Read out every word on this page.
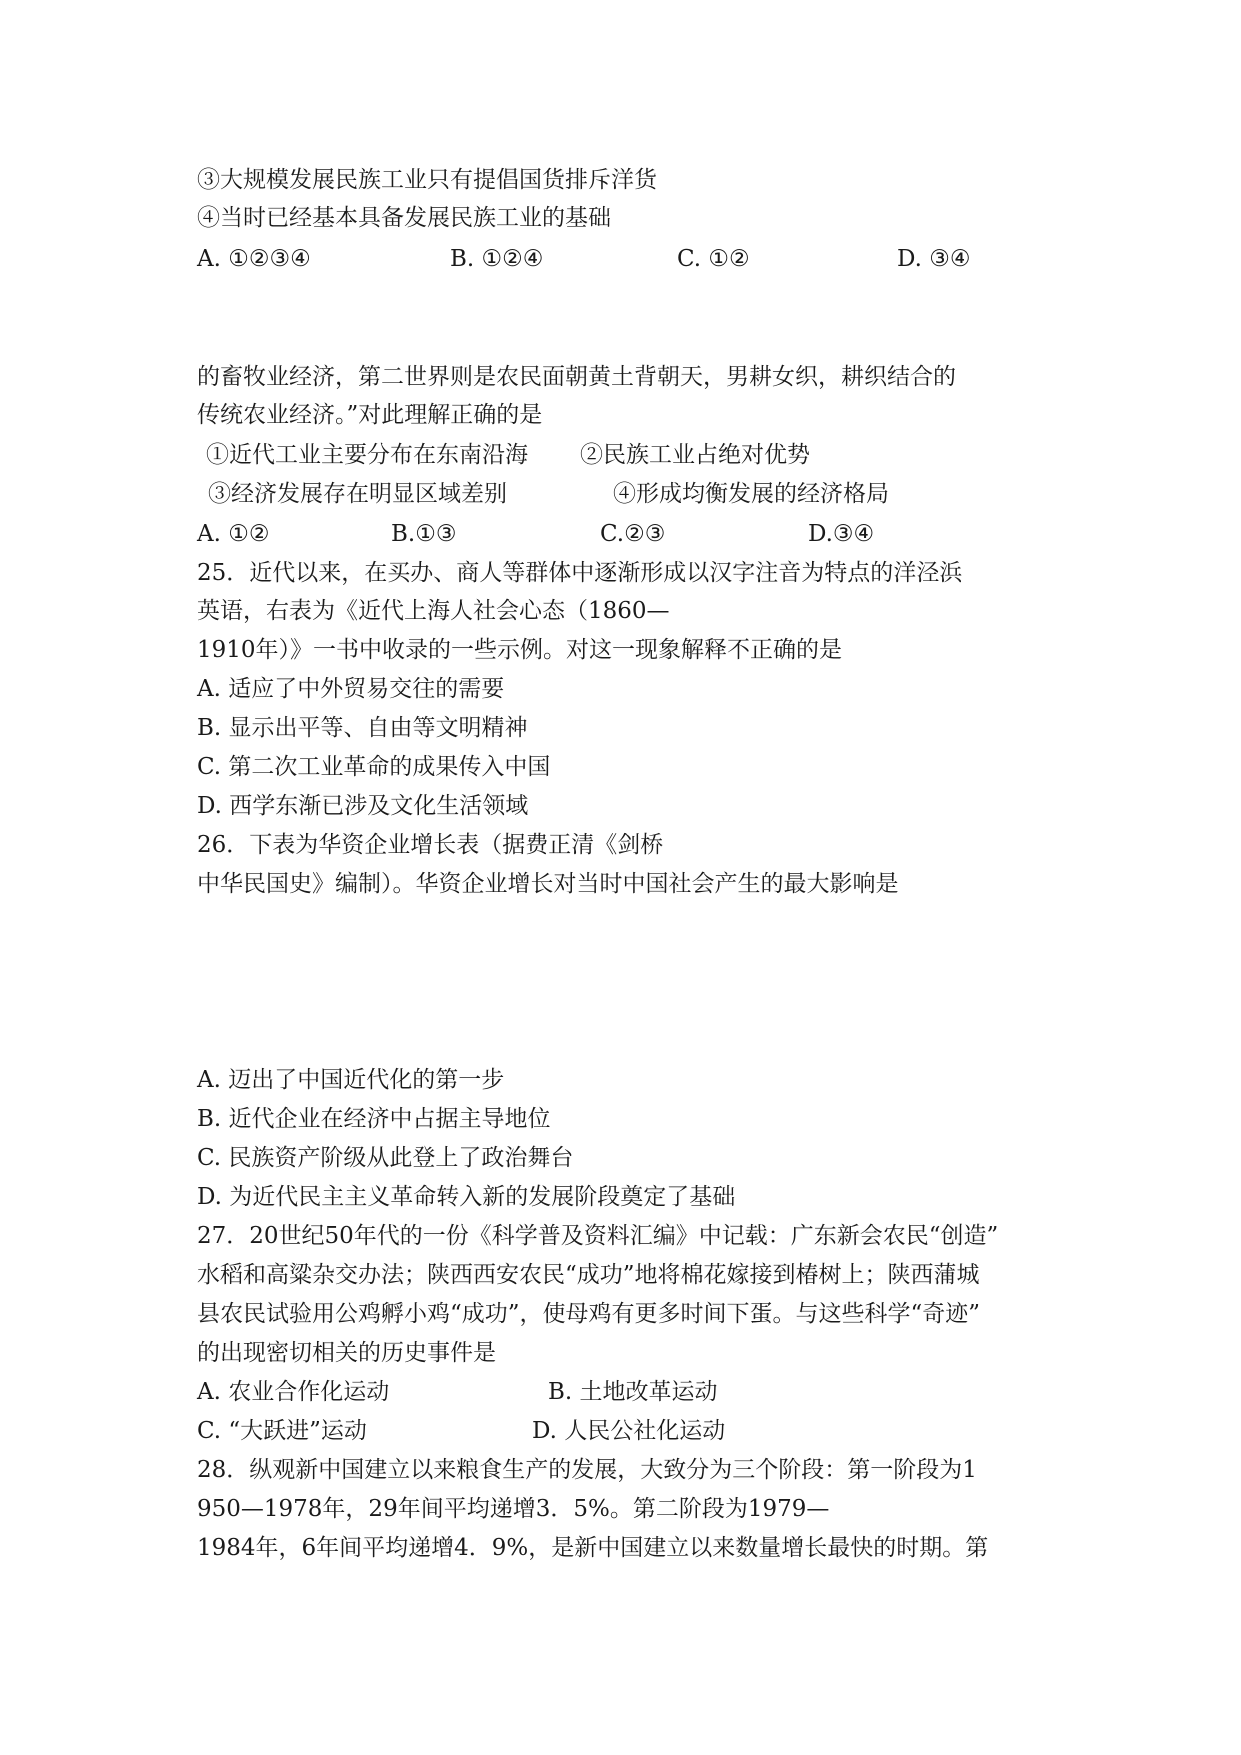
③大规模发展民族工业只有提倡国货排斥洋货
④当时已经基本具备发展民族工业的基础
A. ①②③④	B. ①②④	C. ①②	D. ③④
的畜牧业经济，第二世界则是农民面朝黄土背朝天，男耕女织，耕织结合的
传统农业经济。”对此理解正确的是
①近代工业主要分布在东南沿海 ②民族工业占绝对优势
③经济发展存在明显区域差别	④形成均衡发展的经济格局
A. ①②	B.①③	C.②③	D.③④
25．近代以来，在买办、商人等群体中逐渐形成以汉字注音为特点的洋泾浜
英语，右表为《近代上海人社会心态（1860—
1910年）》一书中收录的一些示例。对这一现象解释不正确的是
A. 适应了中外贸易交往的需要
B. 显示出平等、自由等文明精神
C. 第二次工业革命的成果传入中国
D. 西学东渐已涉及文化生活领域
26．下表为华资企业增长表（据费正清《剑桥
中华民国史》编制）。华资企业增长对当时中国社会产生的最大影响是
A. 迈出了中国近代化的第一步
B. 近代企业在经济中占据主导地位
C. 民族资产阶级从此登上了政治舞台
D. 为近代民主主义革命转入新的发展阶段奠定了基础
27．20世纪50年代的一份《科学普及资料汇编》中记载：广东新会农民“创造”
水稻和高粱杂交办法；陕西西安农民“成功”地将棉花嫁接到椿树上；陕西蒲城
县农民试验用公鸡孵小鸡“成功”，使母鸡有更多时间下蛋。与这些科学“奇迹”
的出现密切相关的历史事件是
A. 农业合作化运动	B. 土地改革运动
C. “大跃进”运动	D. 人民公社化运动
28．纵观新中国建立以来粮食生产的发展，大致分为三个阶段：第一阶段为1
950—1978年，29年间平均递增3．5%。第二阶段为1979—
1984年，6年间平均递增4．9%，是新中国建立以来数量增长最快的时期。第
